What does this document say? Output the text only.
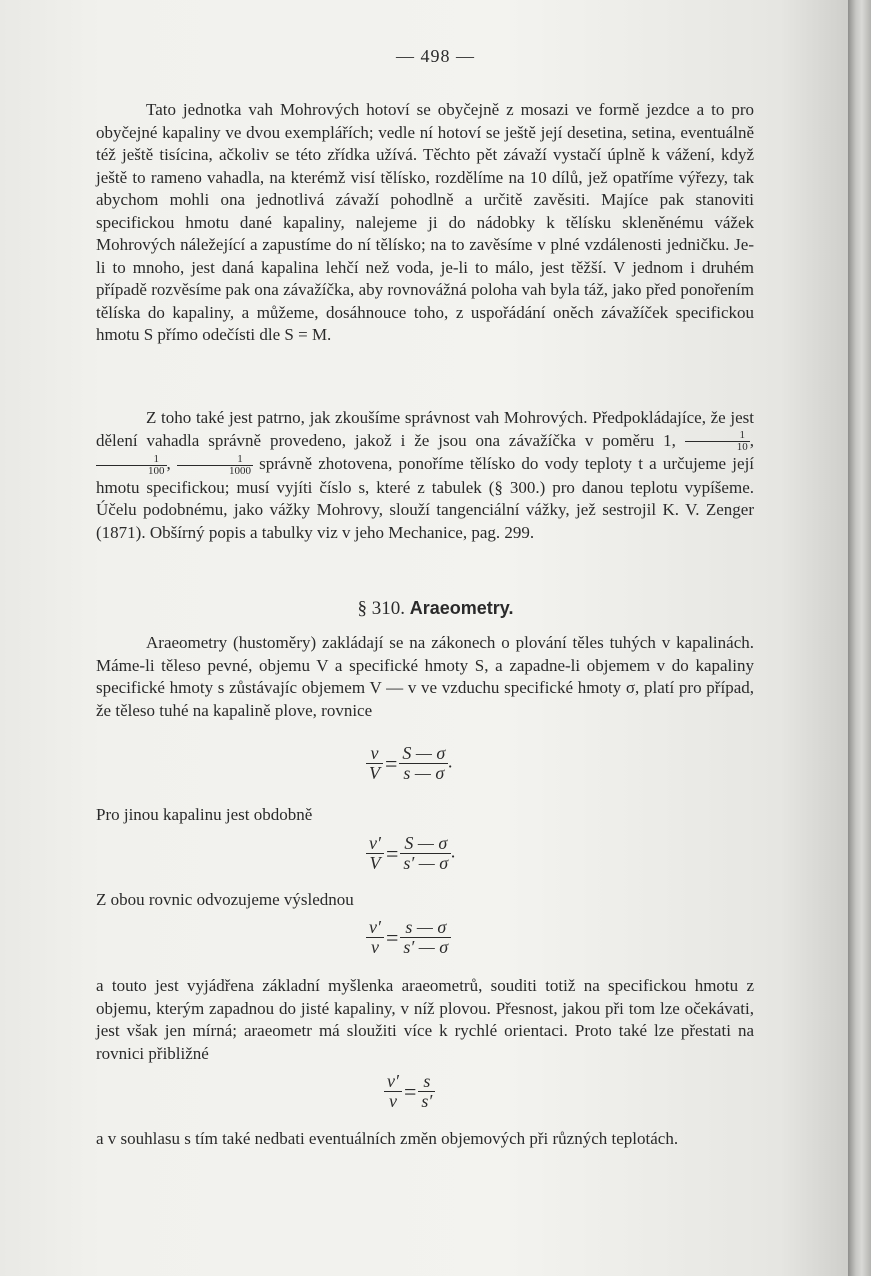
— 498 —

Tato jednotka vah Mohrových hotoví se obyčejně z mosazi ve formě jezdce a to pro obyčejné kapaliny ve dvou exemplářích; vedle ní hotoví se ještě její desetina, setina, eventuálně též ještě tisícina, ačkoliv se této zřídka užívá. Těchto pět závaží vystačí úplně k vážení, když ještě to rameno vahadla, na kterémž visí tělísko, rozdělíme na 10 dílů, jež opatříme výřezy, tak abychom mohli ona jednotlivá závaží pohodlně a určitě zavěsiti. Majíce pak stanoviti specifickou hmotu dané kapaliny, nalejeme ji do nádobky k tělísku skleněnému vážek Mohrových náležející a zapustíme do ní tělísko; na to zavěsíme v plné vzdálenosti jedničku. Je-li to mnoho, jest daná kapalina lehčí než voda, je-li to málo, jest těžší. V jednom i druhém případě rozvěsíme pak ona závažíčka, aby rovnovážná poloha vah byla táž, jako před ponořením tělíska do kapaliny, a můžeme, dosáhnouce toho, z uspořádání oněch závažíček specifickou hmotu S přímo odečísti dle S = M.

Z toho také jest patrno, jak zkoušíme správnost vah Mohrových. Předpokládajíce, že jest dělení vahadla správně provedeno, jakož i že jsou ona závažíčka v poměru 1, $\frac{1}{10}$ ,
$\frac{1}{100}$ , $\frac{1}{1000}$ správně zhotovena, ponoříme tělísko do vody teploty t a určujeme její hmotu specifickou; musí vyjíti číslo s, které z tabulek (§ 300.) pro danou teplotu vypíšeme. Účelu podobnému, jako vážky Mohrovy, slouží tangenciální vážky, jež sestrojil K. V. Zenger (1871). Obšírný popis a tabulky viz v jeho Mechanice, pag. 299.

§ 310. Araeometry.

Araeometry (hustoměry) zakládají se na zákonech o plování těles tuhých v kapalinách. Máme-li těleso pevné, objemu V a specifické hmoty S, a zapadne-li objemem v do kapaliny specifické hmoty s zůstávajíc objemem V — v ve vzduchu specifické hmoty σ, platí pro případ, že těleso tuhé na kapalině plove, rovnice

$\frac{v}{V} = \frac{S — \sigma}{s — \sigma}$ .

Pro jinou kapalinu jest obdobně

$\frac{v'}{V} = \frac{S — \sigma}{s' — \sigma}$ .

Z obou rovnic odvozujeme výslednou

$\frac{v'}{v} = \frac{s — \sigma}{s' — \sigma}$

a touto jest vyjádřena základní myšlenka araeometrů, souditi totiž na specifickou hmotu z objemu, kterým zapadnou do jisté kapaliny, v níž plovou. Přesnost, jakou při tom lze očekávati, jest však jen mírná; araeometr má sloužiti více k rychlé orientaci. Proto také lze přestati na rovnici přibližné

$\frac{v'}{v} = \frac{s}{s'}$

a v souhlasu s tím také nedbati eventuálních změn objemových při různých teplotách.
